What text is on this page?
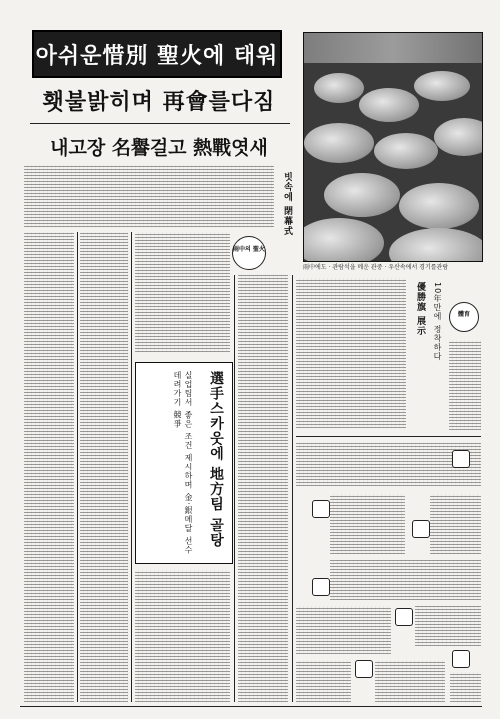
아쉬운惜別 聖火에 태워
횃불밝히며 再會를다짐
내고장 名譽걸고 熱戰엿새
雨中에도 · 관람석을 메운 관중 · 우산속에서 경기를관람
빗속에 閉幕式
雨中의 聖火
選手스카웃에 地方팀 골탕
실업팀서 좋은 조건 제시하며 金·銀메달 선수 데려가기 競爭
優勝旗 展示 10年만에 정착하다	體育
